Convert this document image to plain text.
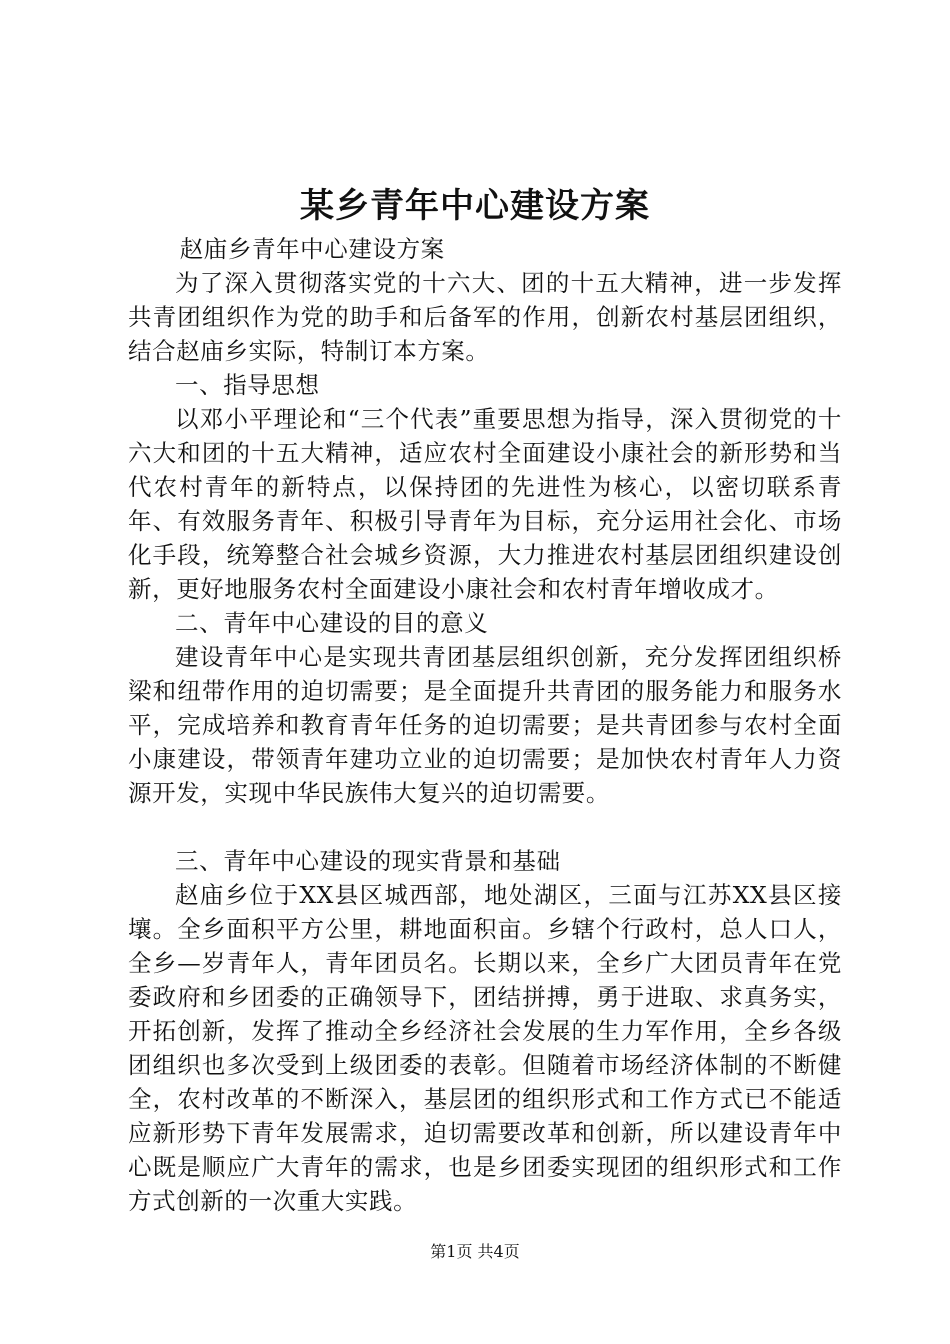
某乡青年中心建设方案

赵庙乡青年中心建设方案

为了深入贯彻落实党的十六大、团的十五大精神，进一步发挥共青团组织作为党的助手和后备军的作用，创新农村基层团组织，结合赵庙乡实际，特制订本方案。

一、指导思想

以邓小平理论和“三个代表”重要思想为指导，深入贯彻党的十六大和团的十五大精神，适应农村全面建设小康社会的新形势和当代农村青年的新特点，以保持团的先进性为核心，以密切联系青年、有效服务青年、积极引导青年为目标，充分运用社会化、市场化手段，统筹整合社会城乡资源，大力推进农村基层团组织建设创新，更好地服务农村全面建设小康社会和农村青年增收成才。

二、青年中心建设的目的意义

建设青年中心是实现共青团基层组织创新，充分发挥团组织桥梁和纽带作用的迫切需要；是全面提升共青团的服务能力和服务水平，完成培养和教育青年任务的迫切需要；是共青团参与农村全面小康建设，带领青年建功立业的迫切需要；是加快农村青年人力资源开发，实现中华民族伟大复兴的迫切需要。

三、青年中心建设的现实背景和基础

赵庙乡位于XX县区城西部，地处湖区，三面与江苏XX县区接壤。全乡面积平方公里，耕地面积亩。乡辖个行政村，总人口人，全乡—岁青年人，青年团员名。长期以来，全乡广大团员青年在党委政府和乡团委的正确领导下，团结拼搏，勇于进取、求真务实，开拓创新，发挥了推动全乡经济社会发展的生力军作用，全乡各级团组织也多次受到上级团委的表彰。但随着市场经济体制的不断健全，农村改革的不断深入，基层团的组织形式和工作方式已不能适应新形势下青年发展需求，迫切需要改革和创新，所以建设青年中心既是顺应广大青年的需求，也是乡团委实现团的组织形式和工作方式创新的一次重大实践。

第1页 共4页
